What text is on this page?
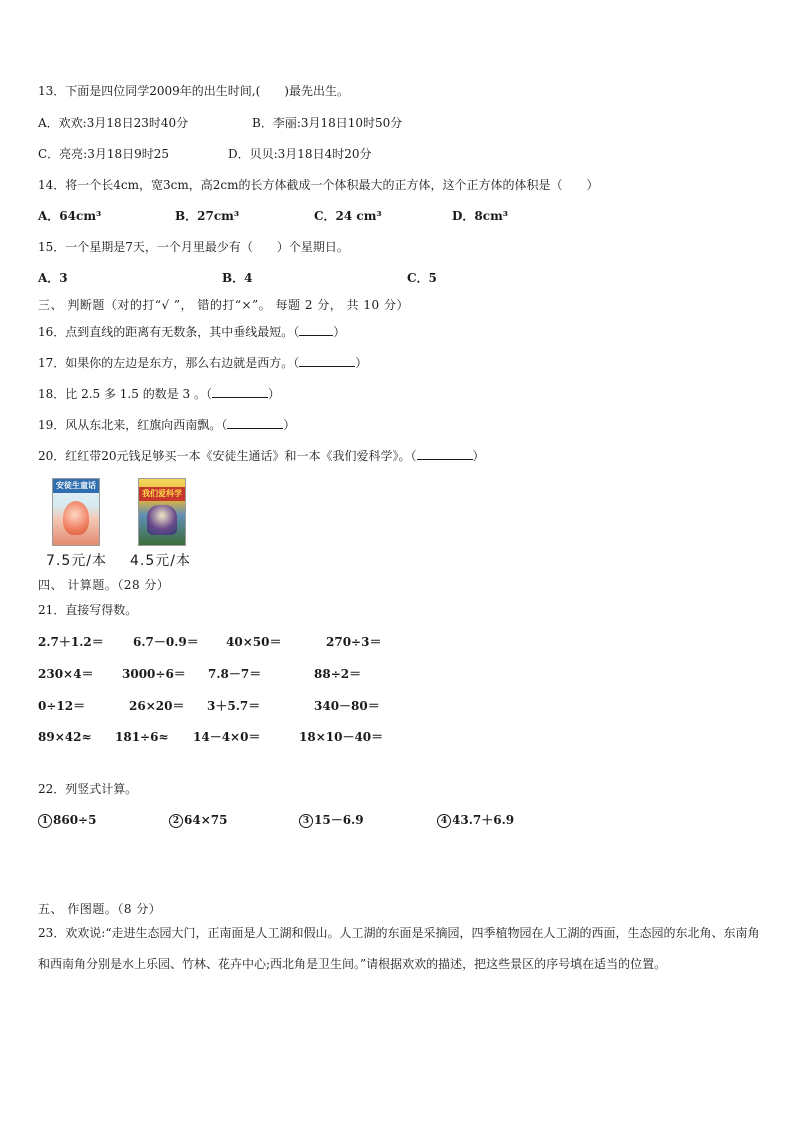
13．下面是四位同学2009年的出生时间,(　　)最先出生。
A．欢欢:3月18日23时40分	B．李丽:3月18日10时50分
C．亮亮:3月18日9时25	D．贝贝:3月18日4时20分
14．将一个长4cm，宽3cm，高2cm的长方体截成一个体积最大的正方体，这个正方体的体积是（　　）
A．64cm³	B．27cm³	C．24 cm³	D．8cm³
15．一个星期是7天，一个月里最少有（　　）个星期日。
A．3	B．4	C．5
三、 判断题（对的打“√ ”， 错的打“×”。 每题 2 分， 共 10 分）
16．点到直线的距离有无数条，其中垂线最短。（	）
17．如果你的左边是东方，那么右边就是西方。（	）
18．比 2.5 多 1.5 的数是 3 。（	）
19．风从东北来，红旗向西南飘。（	）
20．红红带20元钱足够买一本《安徒生通话》和一本《我们爱科学》。（	）
安徒生童话
我们爱科学
7.5元/本 4.5元/本
四、 计算题。（28 分）
21．直接写得数。
2.7＋1.2＝ 6.7－0.9＝ 40×50＝	270÷3＝
230×4＝ 3000÷6＝ 7.8－7＝	88÷2＝
0÷12＝	26×20＝ 3＋5.7＝	340－80＝
89×42≈ 181÷6≈ 14－4×0＝	18×10－40＝
22．列竖式计算。
1 860÷5	2 64×75	3 15－6.9	4 43.7＋6.9
五、 作图题。（8 分）
23．欢欢说:“走进生态园大门，正南面是人工湖和假山。人工湖的东面是采摘园，四季植物园在人工湖的西面，生态园的东北角、东南角和西南角分别是水上乐园、竹林、花卉中心;西北角是卫生间。”请根据欢欢的描述，把这些景区的序号填在适当的位置。
